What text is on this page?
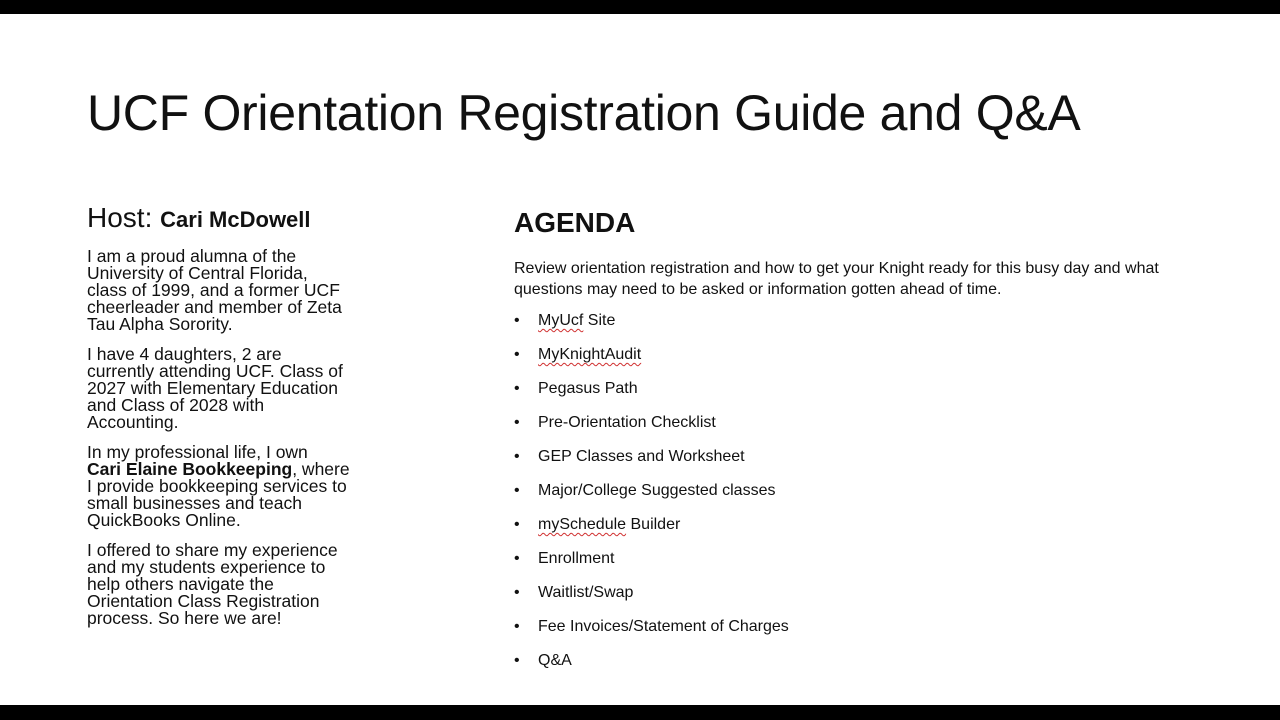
UCF Orientation Registration Guide and Q&A
Host: Cari McDowell

I am a proud alumna of the
University of Central Florida,
class of 1999, and a former UCF
cheerleader and member of Zeta
Tau Alpha Sorority.

I have 4 daughters, 2 are
currently attending UCF. Class of
2027 with Elementary Education
and Class of 2028 with
Accounting.

In my professional life, I own
Cari Elaine Bookkeeping, where
I provide bookkeeping services to
small businesses and teach
QuickBooks Online.

I offered to share my experience
and my students experience to
help others navigate the
Orientation Class Registration
process. So here we are!

AGENDA
Review orientation registration and how to get your Knight ready for this busy day and what questions may need to be asked or information gotten ahead of time.
• MyUcf Site
• MyKnightAudit
• Pegasus Path
• Pre-Orientation Checklist
• GEP Classes and Worksheet
• Major/College Suggested classes
• mySchedule Builder
• Enrollment
• Waitlist/Swap
• Fee Invoices/Statement of Charges
• Q&A
